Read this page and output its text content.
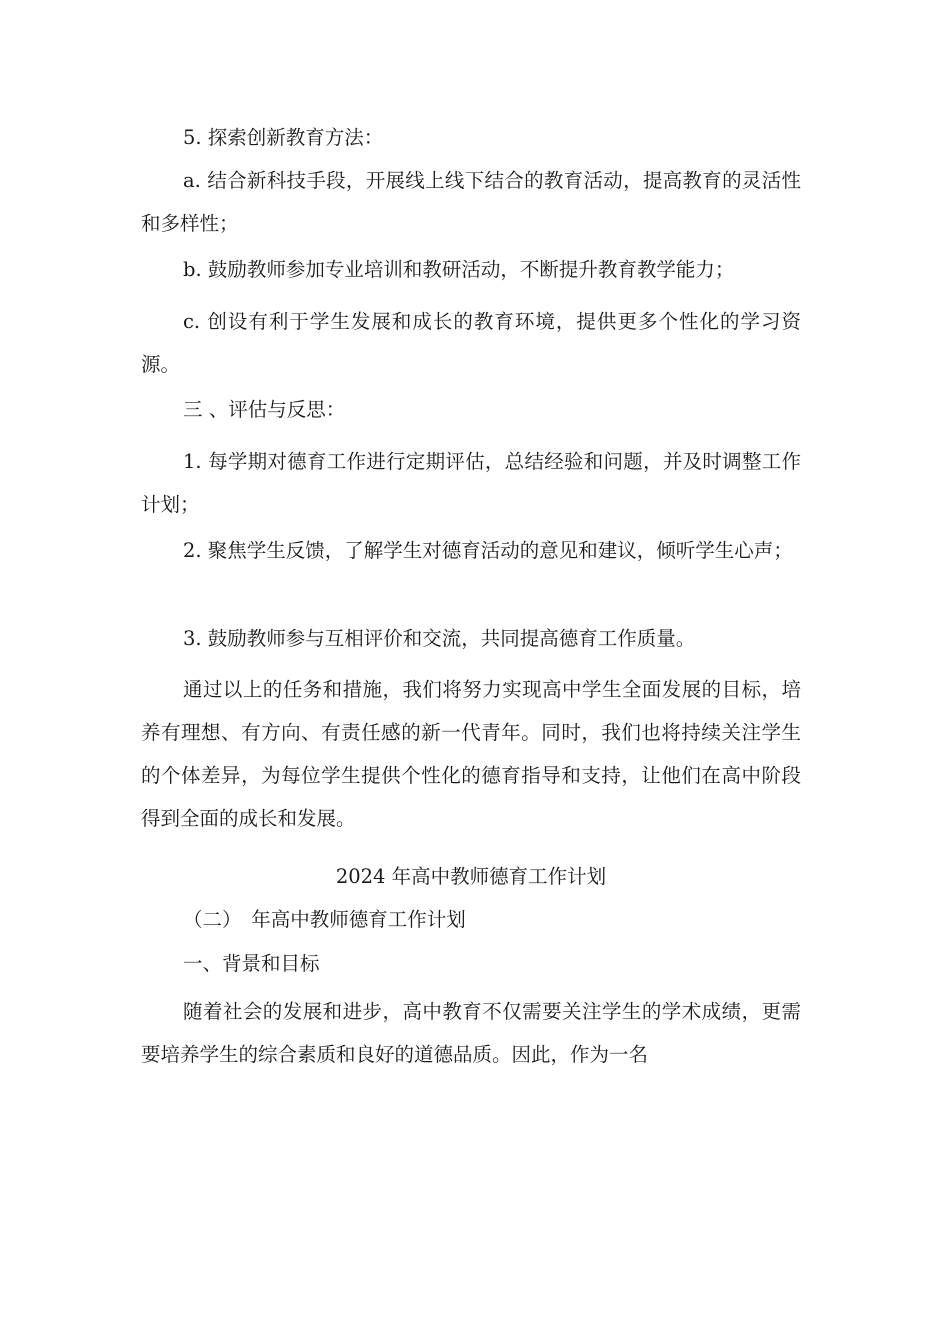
5. 探索创新教育方法：

a. 结合新科技手段，开展线上线下结合的教育活动，提高教育的灵活性和多样性；

b. 鼓励教师参加专业培训和教研活动，不断提升教育教学能力；

c. 创设有利于学生发展和成长的教育环境，提供更多个性化的学习资源。

三 、评估与反思：

1. 每学期对德育工作进行定期评估，总结经验和问题，并及时调整工作计划；

2. 聚焦学生反馈，了解学生对德育活动的意见和建议，倾听学生心声；

3. 鼓励教师参与互相评价和交流，共同提高德育工作质量。

通过以上的任务和措施，我们将努力实现高中学生全面发展的目标，培养有理想、有方向、有责任感的新一代青年。同时，我们也将持续关注学生的个体差异，为每位学生提供个性化的德育指导和支持，让他们在高中阶段得到全面的成长和发展。

2024 年高中教师德育工作计划

（二）　年高中教师德育工作计划

一、背景和目标

随着社会的发展和进步，高中教育不仅需要关注学生的学术成绩，更需要培养学生的综合素质和良好的道德品质。因此，作为一名
